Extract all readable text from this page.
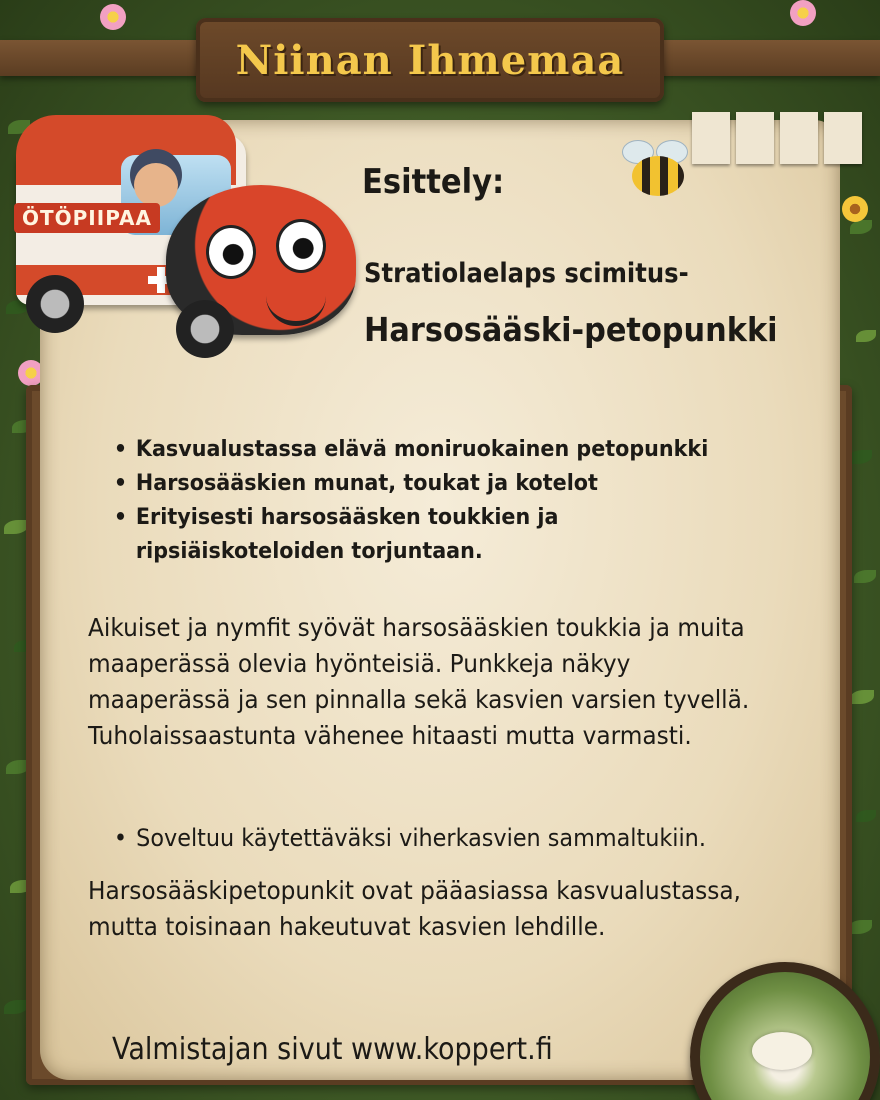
Niinan Ihmemaa
ÖTÖPIIPAA
Esittely:
Stratiolaelaps scimitus-
Harsosääski-petopunkki
• Kasvualustassa elävä moniruokainen petopunkki
• Harsosääskien munat, toukat ja kotelot
• Erityisesti harsosääsken toukkien ja ripsiäiskoteloiden torjuntaan.

Aikuiset ja nymfit syövät harsosääskien toukkia ja muita maaperässä olevia hyönteisiä. Punkkeja näkyy maaperässä ja sen pinnalla sekä kasvien varsien tyvellä. Tuholaissaastunta vähenee hitaasti mutta varmasti.

• Soveltuu käytettäväksi viherkasvien sammaltukiin.

Harsosääskipetopunkit ovat pääasiassa kasvualustassa, mutta toisinaan hakeutuvat kasvien lehdille.

Valmistajan sivut www.koppert.fi
